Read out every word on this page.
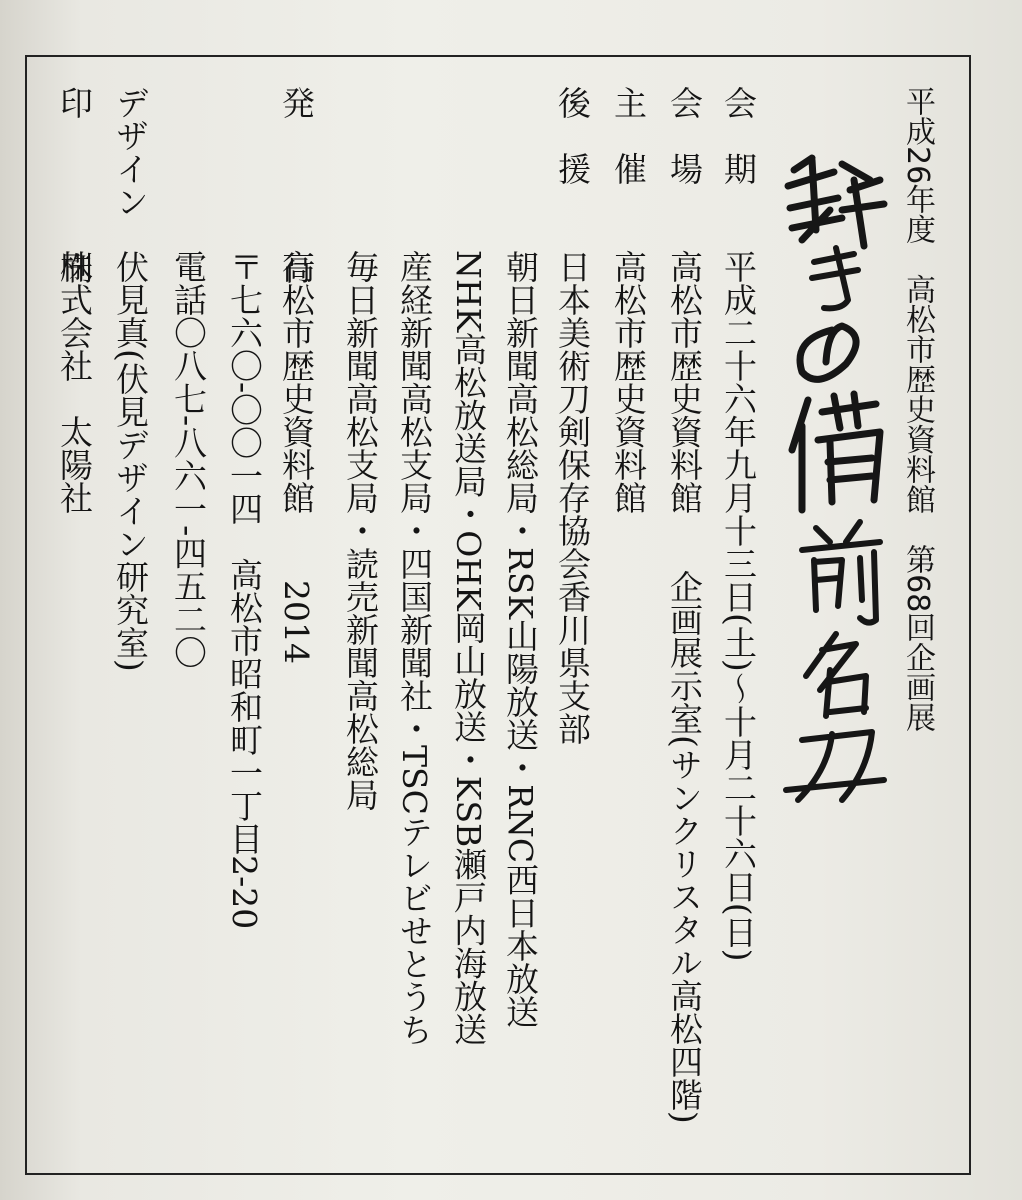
平成26年度　高松市歴史資料館　第68回企画展
会　期
平成二十六年九月十三日(土)～十月二十六日(日)
会　場
高松市歴史資料館
企画展示室(サンクリスタル高松四階)
主　催
高松市歴史資料館
後　援
日本美術刀剣保存協会香川県支部
朝日新聞高松総局・RSK山陽放送・RNC西日本放送
NHK高松放送局・OHK岡山放送・KSB瀬戸内海放送
産経新聞高松支局・四国新聞社・TSCテレビせとうち
毎日新聞高松支局・読売新聞高松総局
発　　行
高松市歴史資料館　　2014
〒七六〇-〇〇一四　高松市昭和町一丁目2-20
電話〇八七-八六一-四五二〇
デザイン
伏見真(伏見デザイン研究室)
印　　刷
株式会社　太陽社
